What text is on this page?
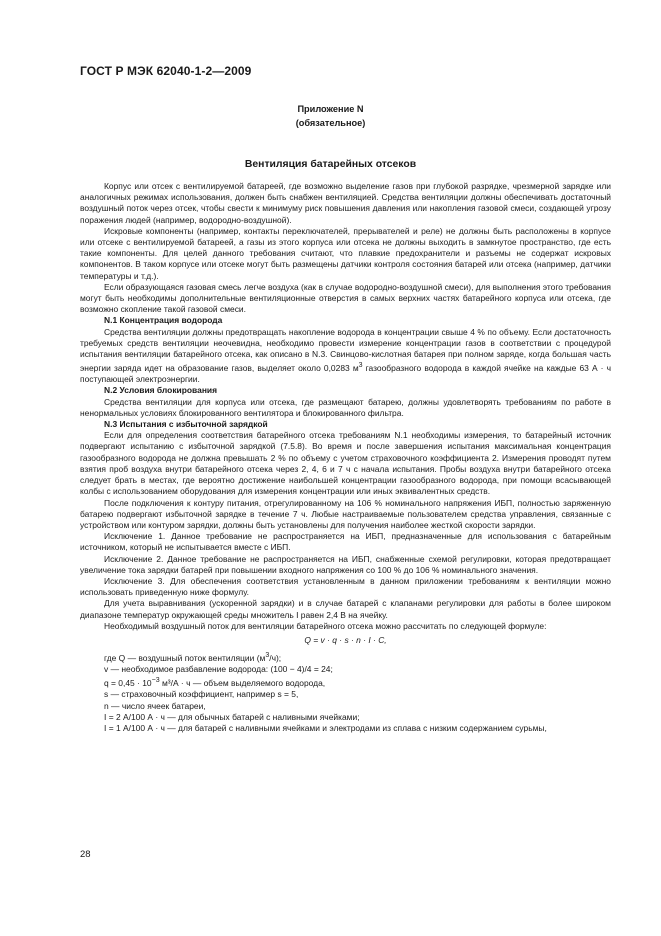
ГОСТ Р МЭК 62040-1-2—2009
Приложение N
(обязательное)
Вентиляция батарейных отсеков

Корпус или отсек с вентилируемой батареей, где возможно выделение газов при глубокой разрядке, чрезмерной зарядке или аналогичных режимах использования, должен быть снабжен вентиляцией. Средства вентиляции должны обеспечивать достаточный воздушный поток через отсек, чтобы свести к минимуму риск повышения давления или накопления газовой смеси, создающей угрозу поражения людей (например, водородно-воздушной).

Искровые компоненты (например, контакты переключателей, прерывателей и реле) не должны быть расположены в корпусе или отсеке с вентилируемой батареей, а газы из этого корпуса или отсека не должны выходить в замкнутое пространство, где есть такие компоненты. Для целей данного требования считают, что плавкие предохранители и разъемы не содержат искровых компонентов. В таком корпусе или отсеке могут быть размещены датчики контроля состояния батарей или отсека (например, датчики температуры и т.д.).

Если образующаяся газовая смесь легче воздуха (как в случае водородно-воздушной смеси), для выполнения этого требования могут быть необходимы дополнительные вентиляционные отверстия в самых верхних частях батарейного корпуса или отсека, где возможно скопление такой газовой смеси.

N.1 Концентрация водорода

Средства вентиляции должны предотвращать накопление водорода в концентрации свыше 4 % по объему. Если достаточность требуемых средств вентиляции неочевидна, необходимо провести измерение концентрации газов в соответствии с процедурой испытания вентиляции батарейного отсека, как описано в N.3. Свинцово-кислотная батарея при полном заряде, когда большая часть энергии заряда идет на образование газов, выделяет около 0,0283 $м^3$ газообразного водорода в каждой ячейке на каждые 63 А · ч поступающей электроэнергии.

N.2 Условия блокирования

Средства вентиляции для корпуса или отсека, где размещают батарею, должны удовлетворять требованиям по работе в ненормальных условиях блокированного вентилятора и блокированного фильтра.

N.3 Испытания с избыточной зарядкой

Если для определения соответствия батарейного отсека требованиям N.1 необходимы измерения, то батарейный источник подвергают испытанию с избыточной зарядкой (7.5.8). Во время и после завершения испытания максимальная концентрация газообразного водорода не должна превышать 2 % по объему с учетом страховочного коэффициента 2. Измерения проводят путем взятия проб воздуха внутри батарейного отсека через 2, 4, 6 и 7 ч с начала испытания. Пробы воздуха внутри батарейного отсека следует брать в местах, где вероятно достижение наибольшей концентрации газообразного водорода, при помощи всасывающей колбы с использованием оборудования для измерения концентрации или иных эквивалентных средств.

После подключения к контуру питания, отрегулированному на 106 % номинального напряжения ИБП, полностью заряженную батарею подвергают избыточной зарядке в течение 7 ч. Любые настраиваемые пользователем средства управления, связанные с устройством или контуром зарядки, должны быть установлены для получения наиболее жесткой скорости зарядки.

Исключение 1. Данное требование не распространяется на ИБП, предназначенные для использования с батарейным источником, который не испытывается вместе с ИБП.

Исключение 2. Данное требование не распространяется на ИБП, снабженные схемой регулировки, которая предотвращает увеличение тока зарядки батарей при повышении входного напряжения со 100 % до 106 % номинального значения.

Исключение 3. Для обеспечения соответствия установленным в данном приложении требованиям к вентиляции можно использовать приведенную ниже формулу.

Для учета выравнивания (ускоренной зарядки) и в случае батарей с клапанами регулировки для работы в более широком диапазоне температур окружающей среды множитель I равен 2,4 В на ячейку.

Необходимый воздушный поток для вентиляции батарейного отсека можно рассчитать по следующей формуле:

Q = v · q · s · n · I · C,

где Q — воздушный поток вентиляции $(м^3/ч)$;

v — необходимое разбавление водорода: (100 − 4)/4 = 24;

$q = 0,45 \cdot 10^{-3}$ м³/А · ч — объем выделяемого водорода,

s — страховочный коэффициент, например s = 5,

n — число ячеек батареи,

I = 2 А/100 А · ч — для обычных батарей с наливными ячейками;

I = 1 А/100 А · ч — для батарей с наливными ячейками и электродами из сплава с низким содержанием сурьмы,

28
